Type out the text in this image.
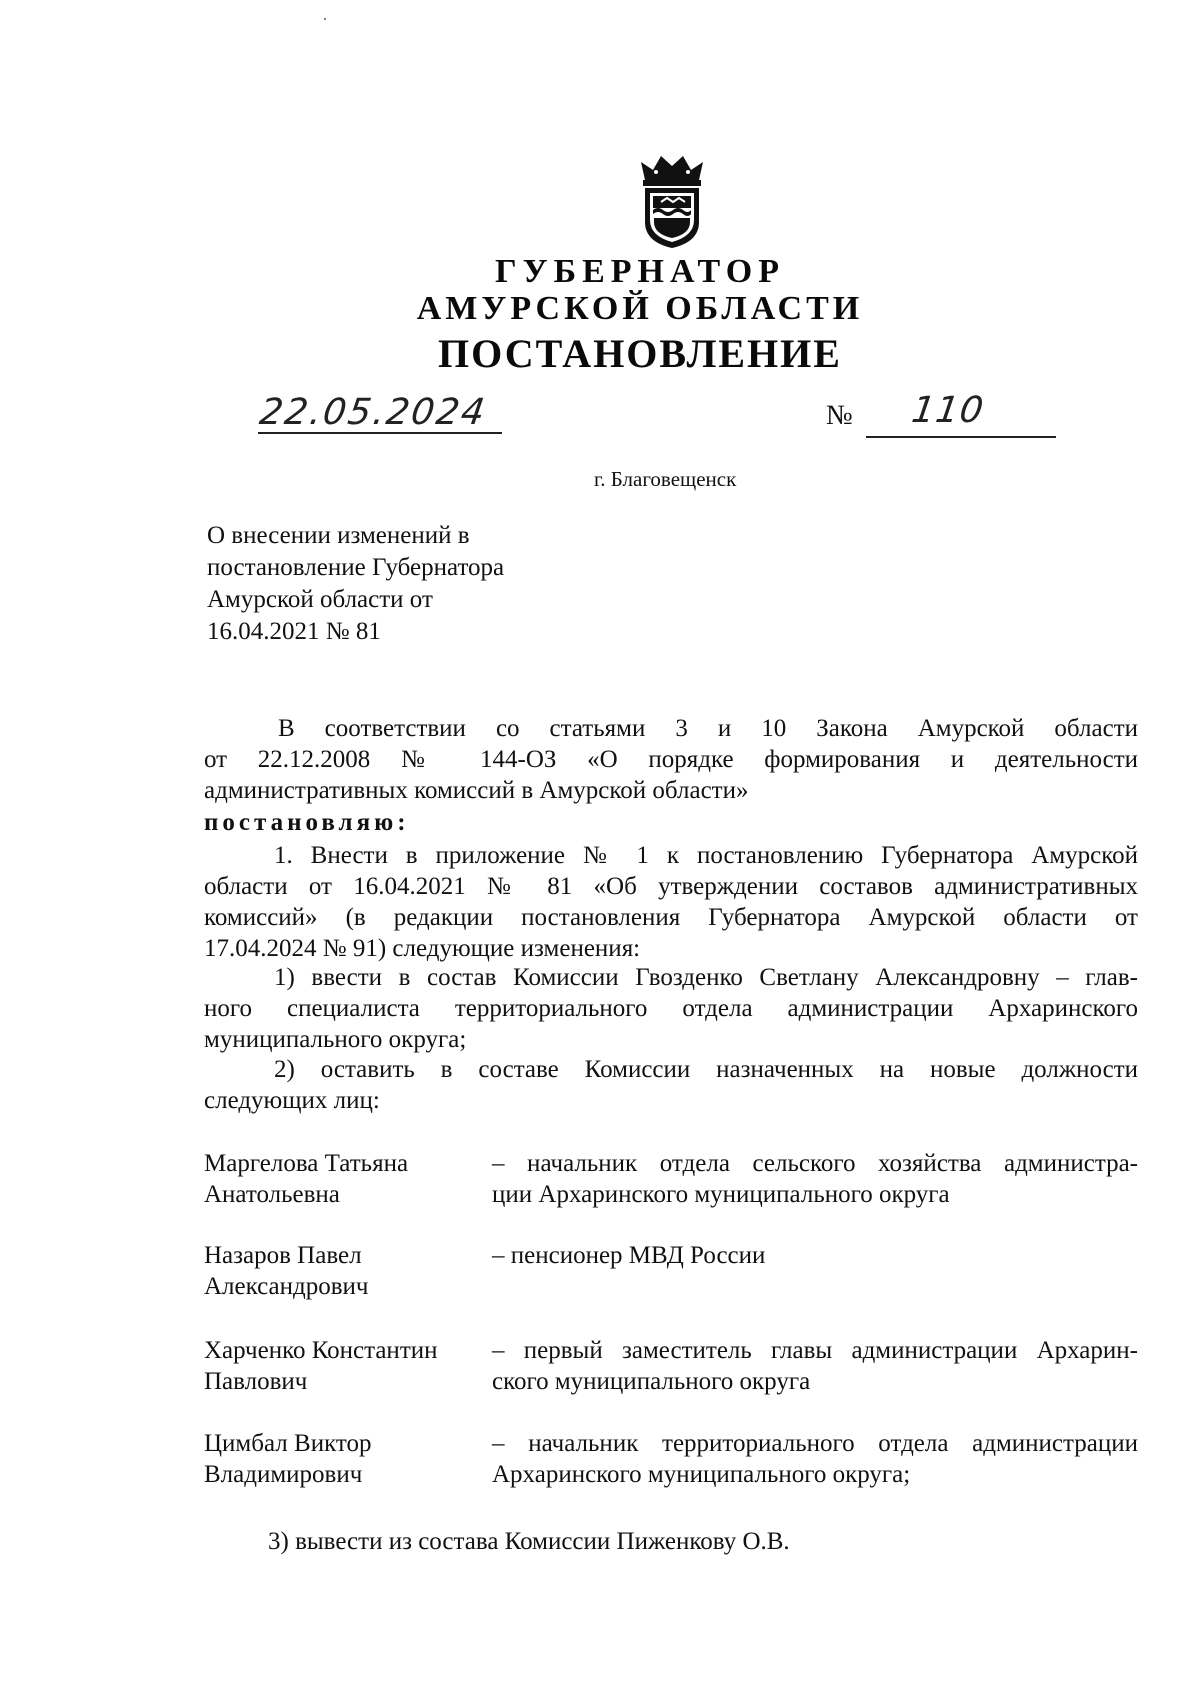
ГУБЕРНАТОР
АМУРСКОЙ ОБЛАСТИ
ПОСТАНОВЛЕНИЕ
22.05.2024	№ 110
г. Благовещенск
О внесении изменений в
постановление Губернатора
Амурской области от
16.04.2021 № 81
В соответствии со статьями 3 и 10 Закона Амурской области
от 22.12.2008 № 144-ОЗ «О порядке формирования и деятельности
административных комиссий в Амурской области»
постановляю:
1. Внести в приложение № 1 к постановлению Губернатора Амурской
области от 16.04.2021 № 81 «Об утверждении составов административных
комиссий» (в редакции постановления Губернатора Амурской области от
17.04.2024 № 91) следующие изменения:
1) ввести в состав Комиссии Гвозденко Светлану Александровну – глав-
ного специалиста территориального отдела администрации Архаринского
муниципального округа;
2) оставить в составе Комиссии назначенных на новые должности
следующих лиц:
Маргелова Татьяна
Анатольевна
– начальник отдела сельского хозяйства администра-
ции Архаринского муниципального округа
Назаров Павел
Александрович
– пенсионер МВД России
Харченко Константин
Павлович
– первый заместитель главы администрации Архарин-
ского муниципального округа
Цимбал Виктор
Владимирович
– начальник территориального отдела администрации
Архаринского муниципального округа;
3) вывести из состава Комиссии Пиженкову О.В.
